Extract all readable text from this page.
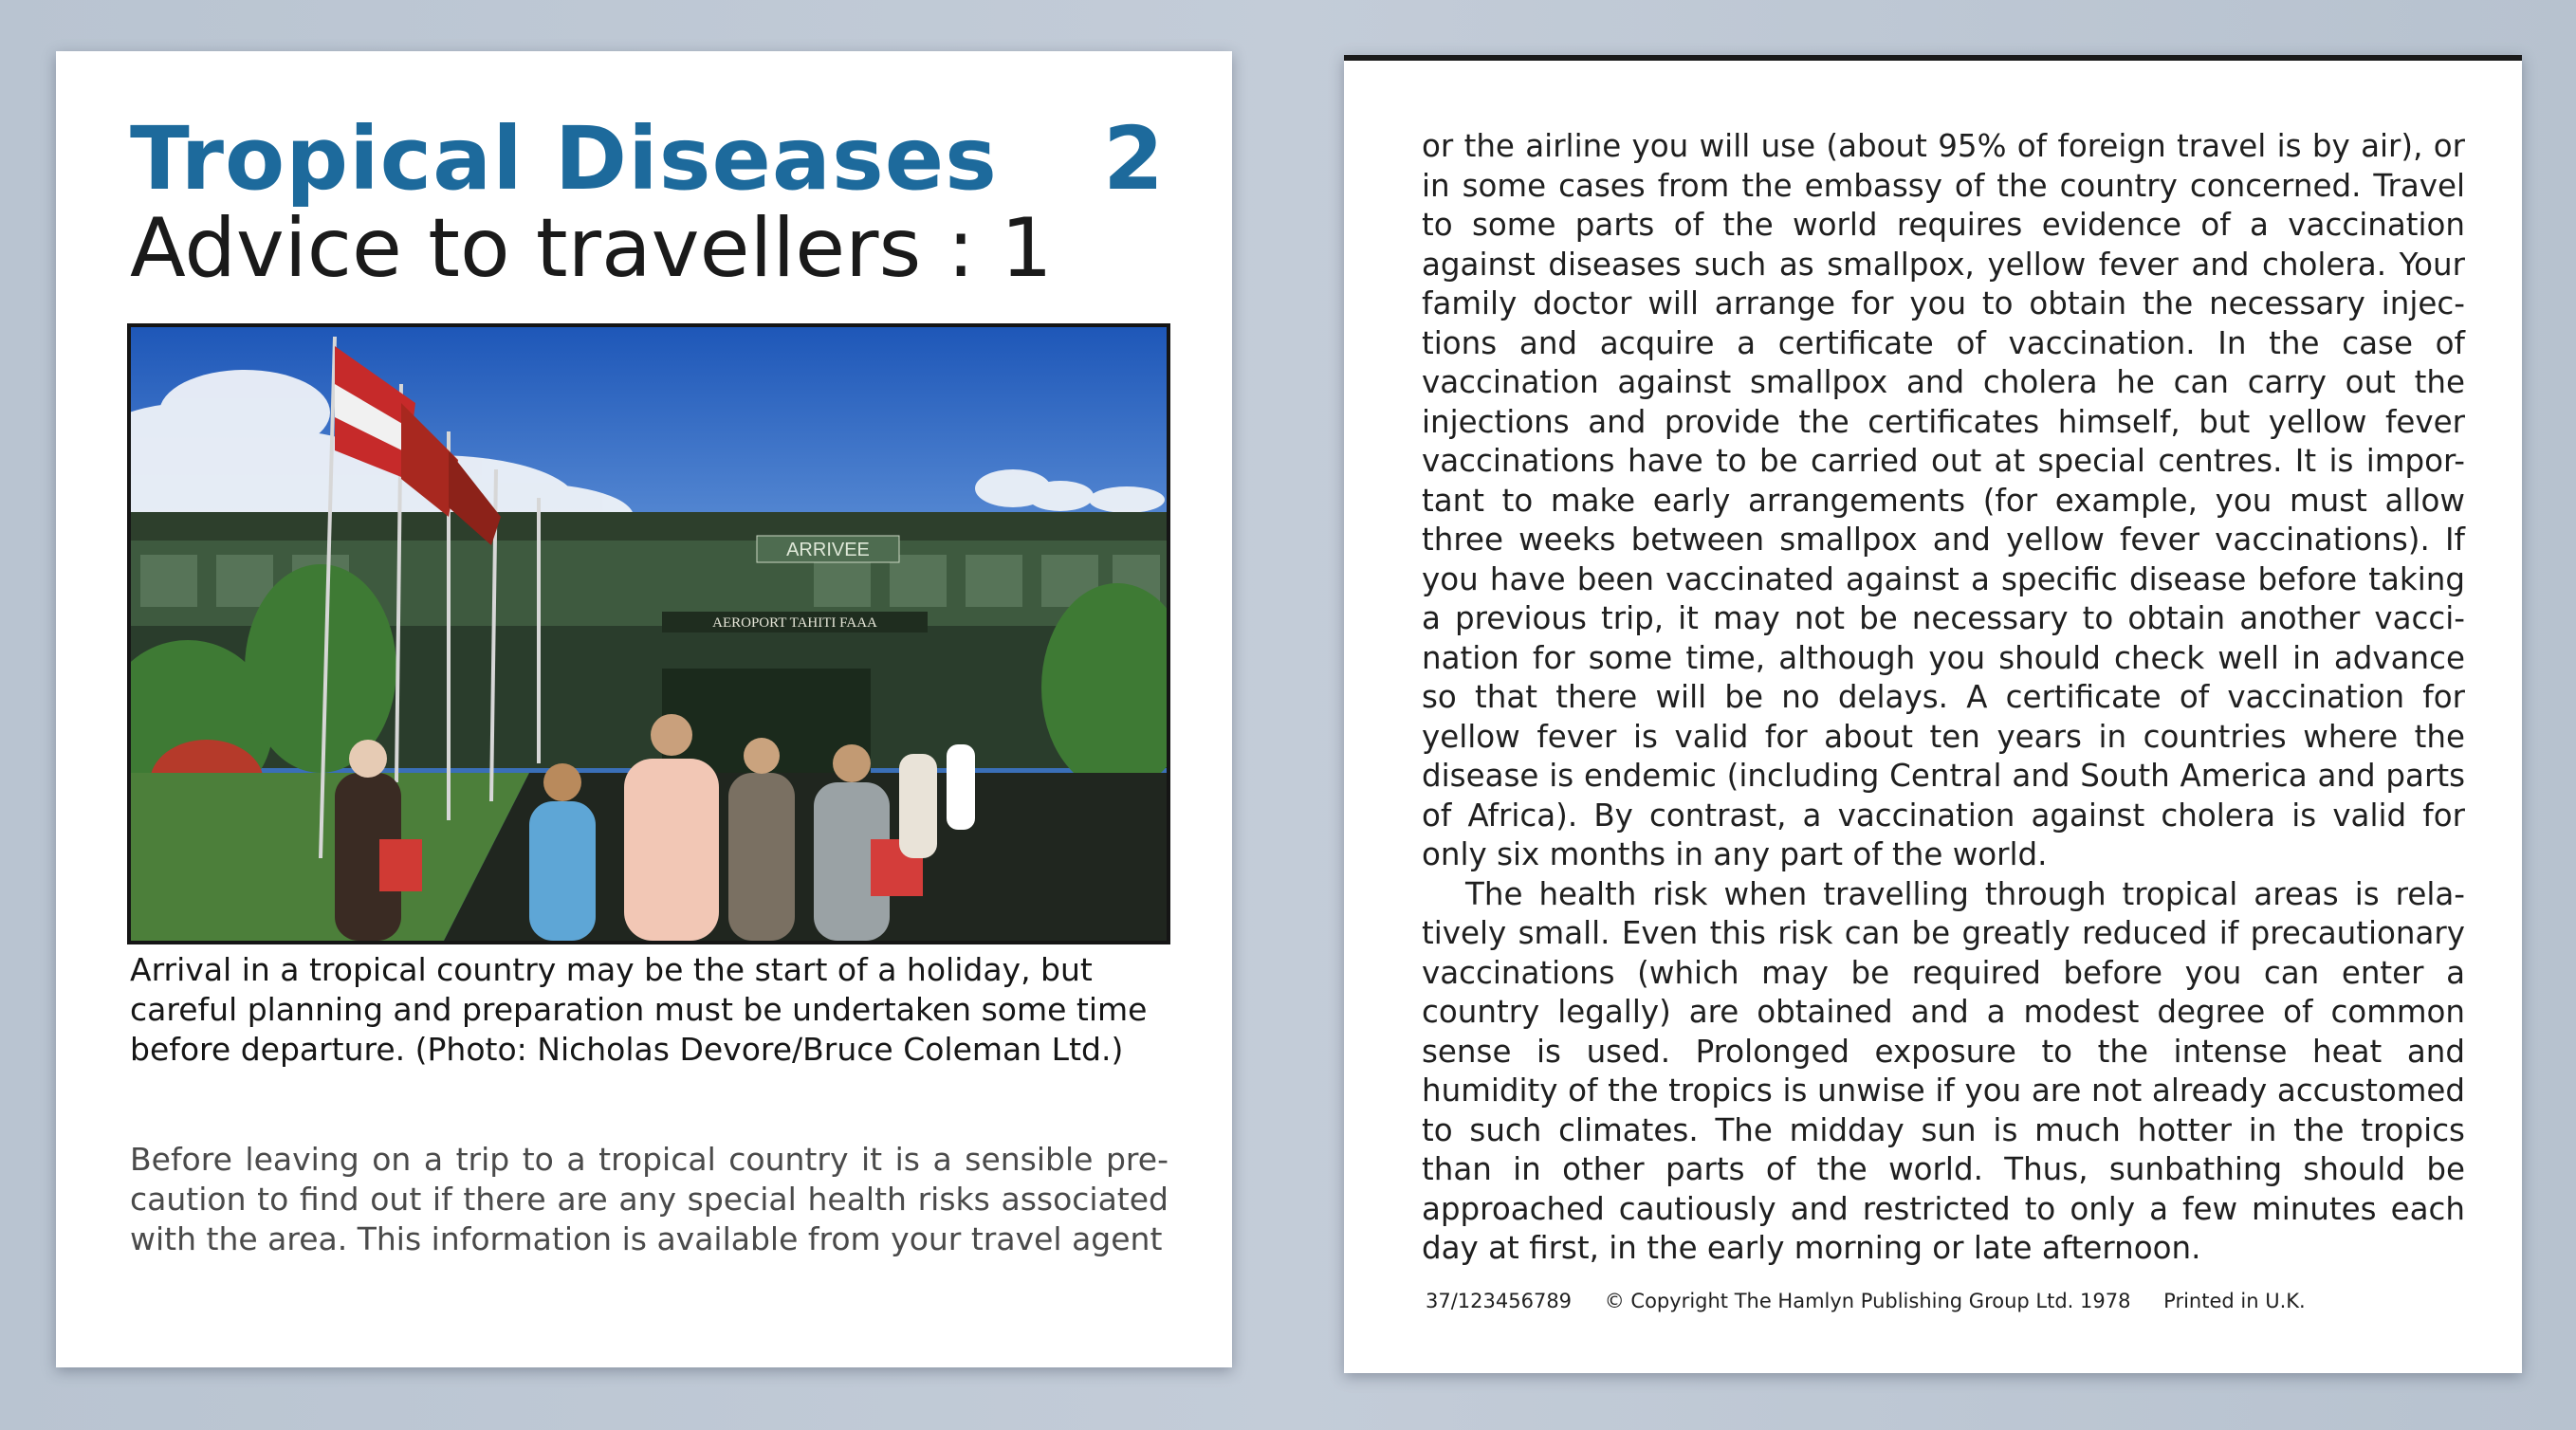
Tropical Diseases 2
Advice to travellers : 1
ARRIVEE
AEROPORT TAHITI FAAA
Arrival in a tropical country may be the start of a holiday, but careful planning and preparation must be undertaken some time before departure. (Photo: Nicholas Devore/Bruce Coleman Ltd.)
Before leaving on a trip to a tropical country it is a sensible pre-caution to find out if there are any special health risks associated with the area. This information is available from your travel agent

or the airline you will use (about 95% of foreign travel is by air), or in some cases from the embassy of the country concerned. Travel to some parts of the world requires evidence of a vaccination against diseases such as smallpox, yellow fever and cholera. Your family doctor will arrange for you to obtain the necessary injec-tions and acquire a certificate of vaccination. In the case of vaccination against smallpox and cholera he can carry out the injections and provide the certificates himself, but yellow fever vaccinations have to be carried out at special centres. It is impor-tant to make early arrangements (for example, you must allow three weeks between smallpox and yellow fever vaccinations). If you have been vaccinated against a specific disease before taking a previous trip, it may not be necessary to obtain another vacci-nation for some time, although you should check well in advance so that there will be no delays. A certificate of vaccination for yellow fever is valid for about ten years in countries where the disease is endemic (including Central and South America and parts of Africa). By contrast, a vaccination against cholera is valid for only six months in any part of the world.

The health risk when travelling through tropical areas is rela-tively small. Even this risk can be greatly reduced if precautionary vaccinations (which may be required before you can enter a country legally) are obtained and a modest degree of common sense is used. Prolonged exposure to the intense heat and humidity of the tropics is unwise if you are not already accustomed to such climates. The midday sun is much hotter in the tropics than in other parts of the world. Thus, sunbathing should be approached cautiously and restricted to only a few minutes each day at first, in the early morning or late afternoon.

37/123456789 © Copyright The Hamlyn Publishing Group Ltd. 1978 Printed in U.K.
